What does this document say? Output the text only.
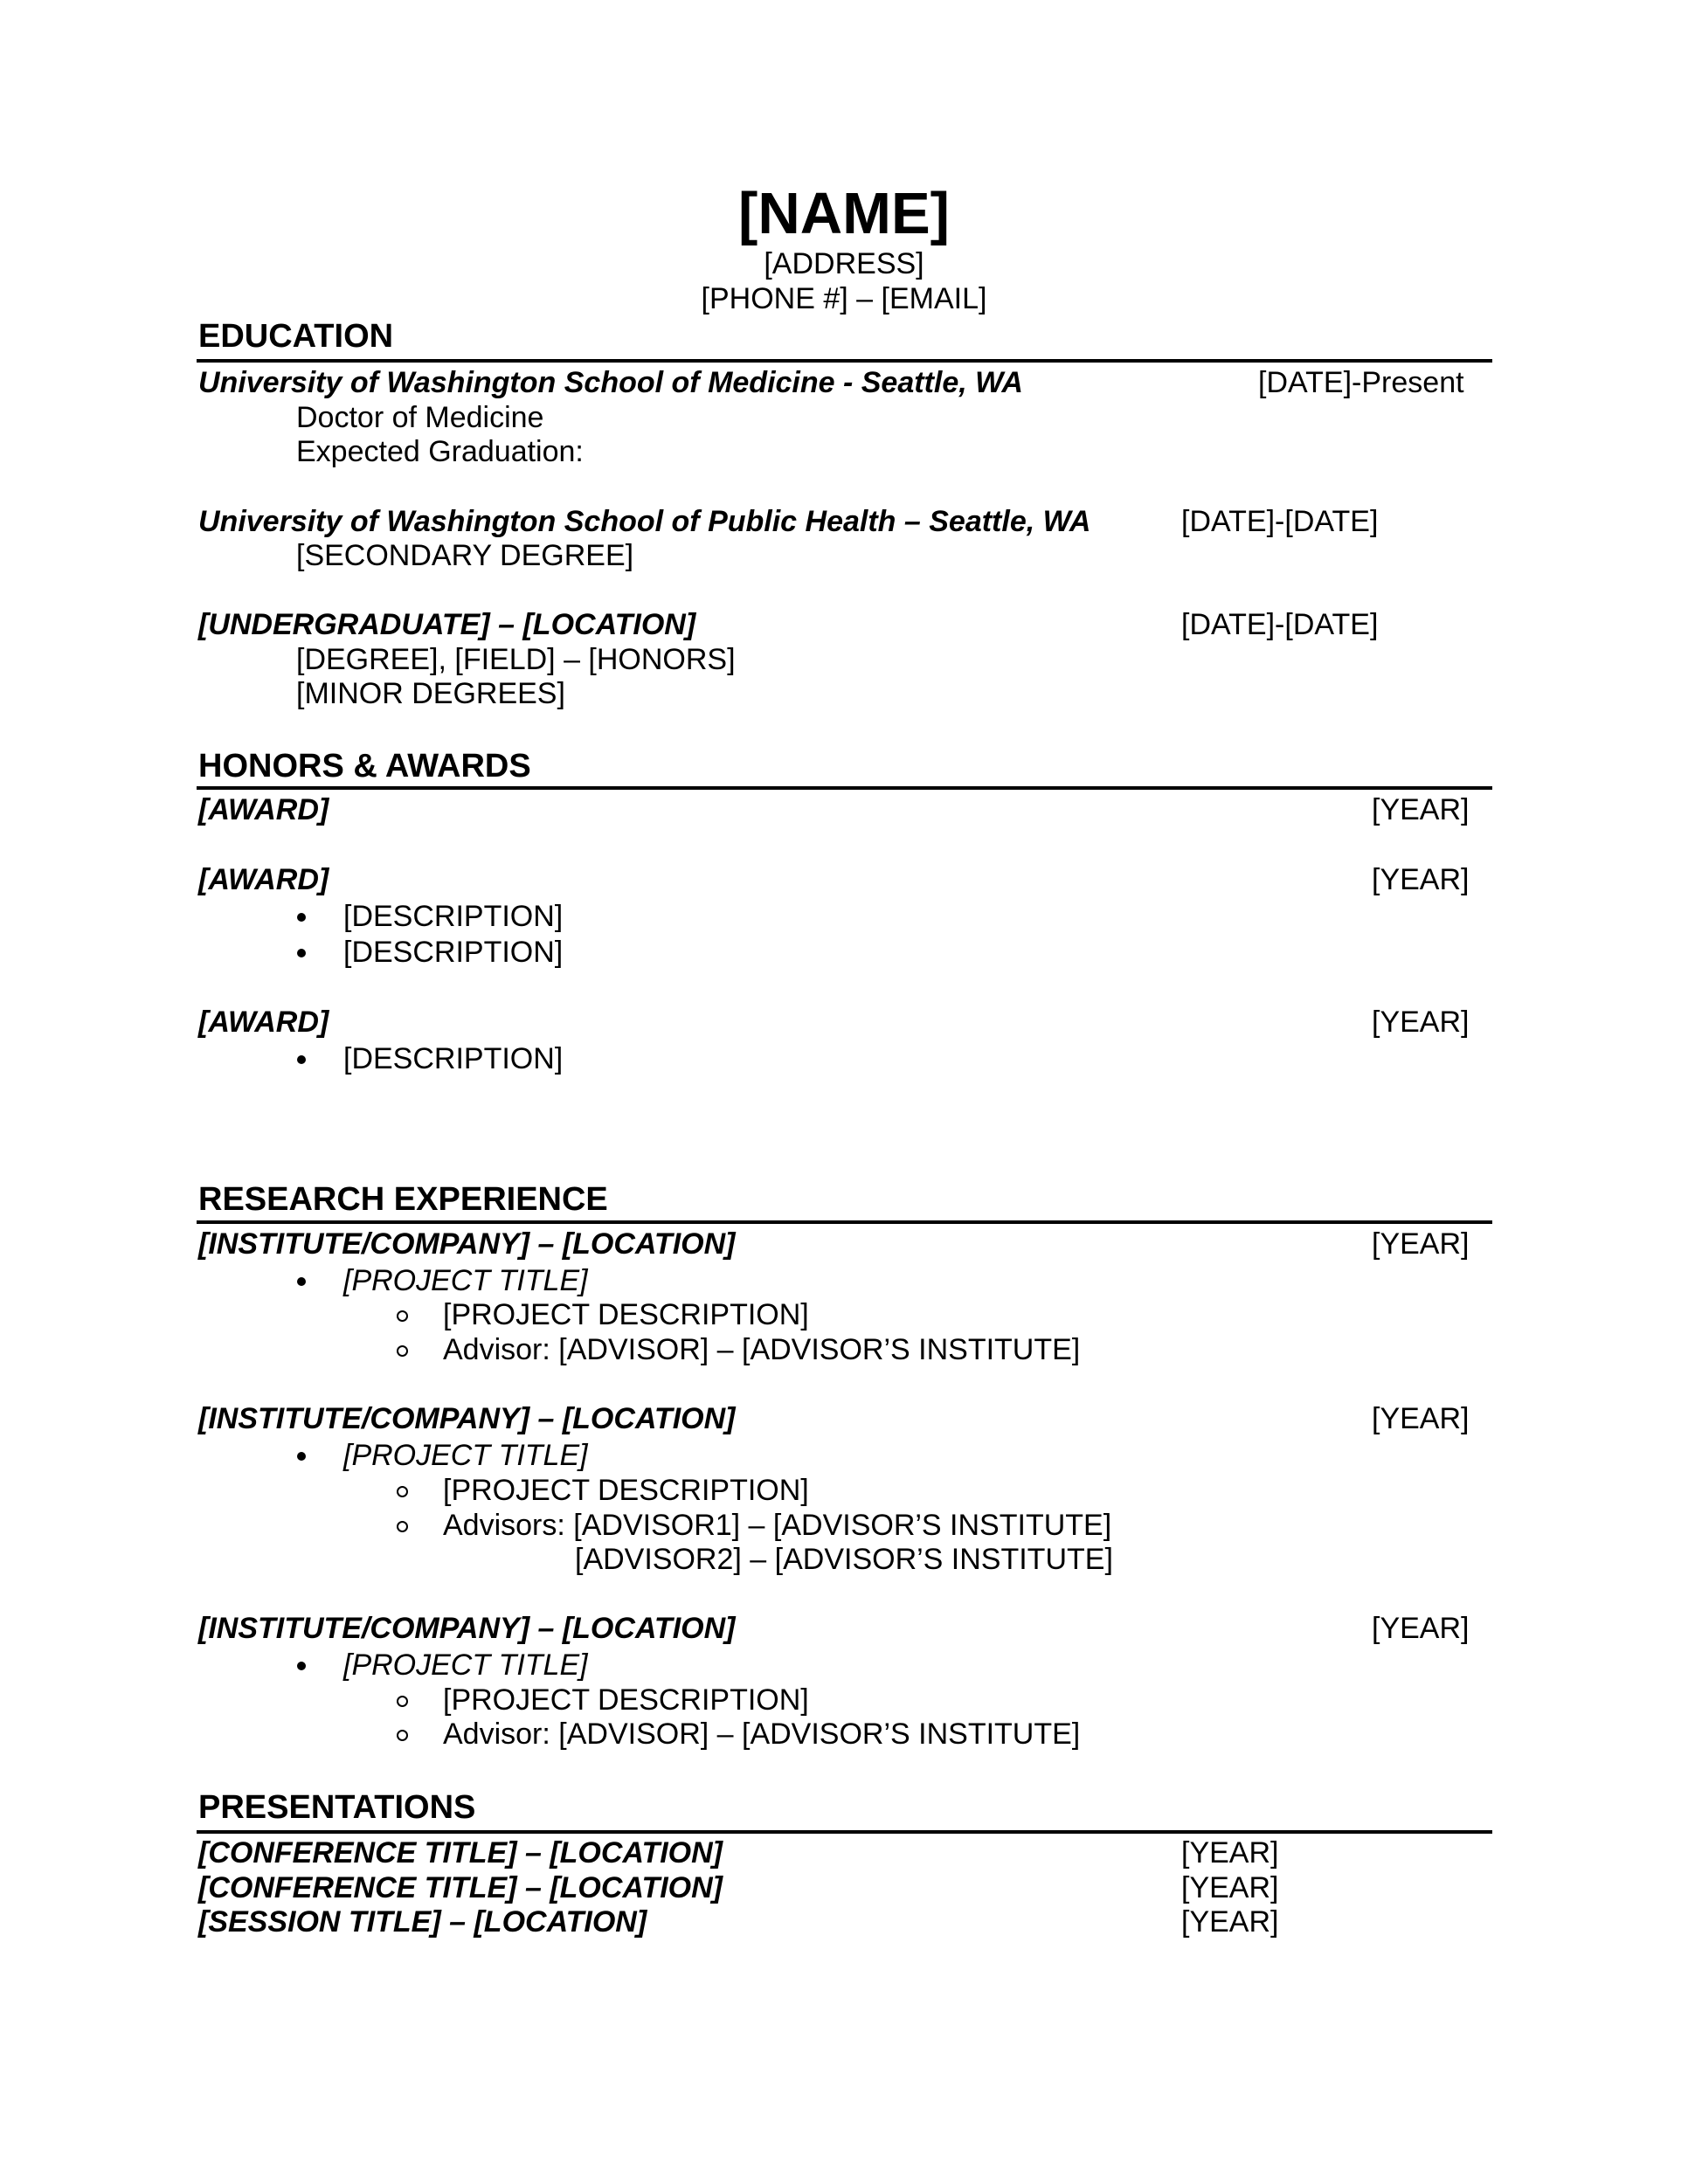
[NAME]
[ADDRESS]
[PHONE #] – [EMAIL]
EDUCATION
University of Washington School of Medicine - Seattle, WA	[DATE]-Present
Doctor of Medicine
Expected Graduation:
University of Washington School of Public Health – Seattle, WA	[DATE]-[DATE]
[SECONDARY DEGREE]
[UNDERGRADUATE] – [LOCATION]	[DATE]-[DATE]
[DEGREE], [FIELD] – [HONORS]
[MINOR DEGREES]
HONORS & AWARDS
[AWARD]	[YEAR]
[AWARD]	[YEAR]
[DESCRIPTION]
[DESCRIPTION]
[AWARD]	[YEAR]
[DESCRIPTION]
RESEARCH EXPERIENCE
[INSTITUTE/COMPANY] – [LOCATION]	[YEAR]
[PROJECT TITLE]
[PROJECT DESCRIPTION]
Advisor: [ADVISOR] – [ADVISOR’S INSTITUTE]
[INSTITUTE/COMPANY] – [LOCATION]	[YEAR]
[PROJECT TITLE]
[PROJECT DESCRIPTION]
Advisors: [ADVISOR1] – [ADVISOR’S INSTITUTE]
[ADVISOR2] – [ADVISOR’S INSTITUTE]
[INSTITUTE/COMPANY] – [LOCATION]	[YEAR]
[PROJECT TITLE]
[PROJECT DESCRIPTION]
Advisor: [ADVISOR] – [ADVISOR’S INSTITUTE]
PRESENTATIONS
[CONFERENCE TITLE] – [LOCATION]	[YEAR]
[CONFERENCE TITLE] – [LOCATION]	[YEAR]
[SESSION TITLE] – [LOCATION]	[YEAR]
